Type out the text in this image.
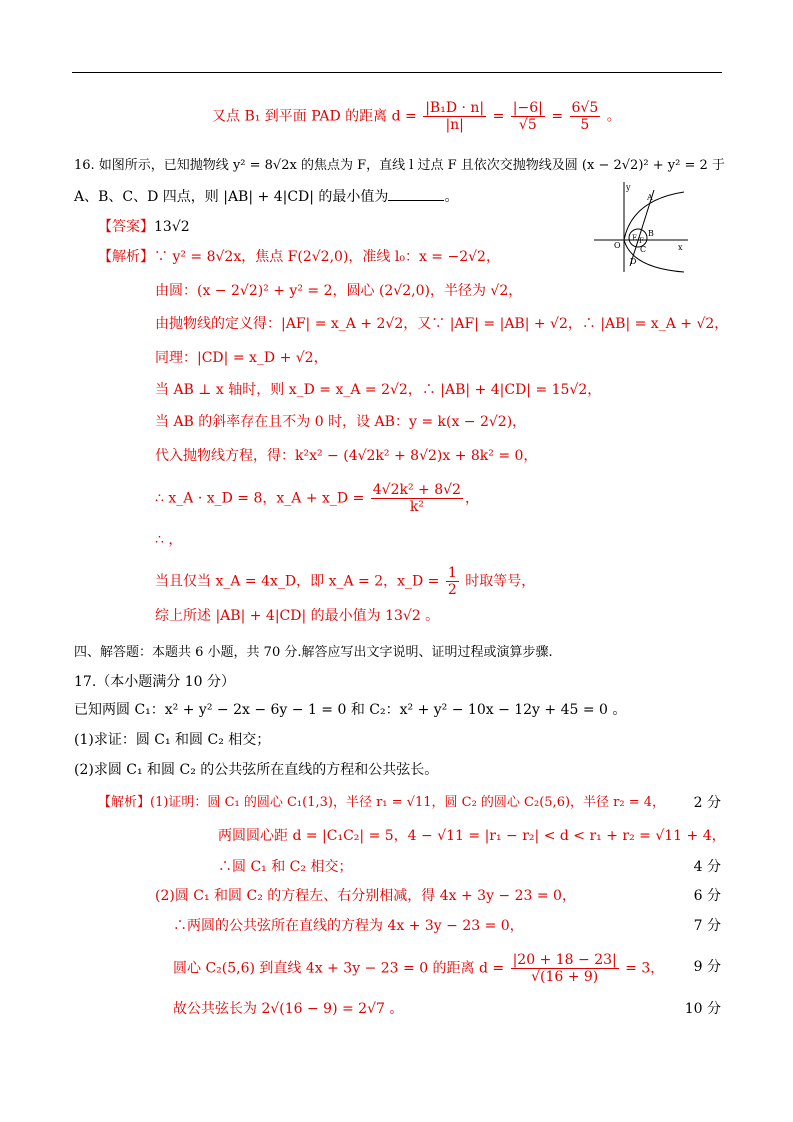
又点 B₁ 到平面 PAD 的距离 $d = \frac{\text{|B₁D · n|}}{|n|} = \frac{|-6|}{√5} = \frac{6√5}{5}$ 。
16. 如图所示，已知抛物线 y² = 8√2x 的焦点为 F，直线 l 过点 F 且依次交抛物线及圆 (x − 2√2)² + y² = 2 于
A、B、C、D 四点，则 |AB| + 4|CD| 的最小值为	。
【答案】13√2
【解析】∵ y² = 8√2x，焦点 F(2√2,0)，准线 l₀：x = −2√2，
由圆：(x − 2√2)² + y² = 2，圆心 (2√2,0)，半径为 √2，
由抛物线的定义得：|AF| = x_A + 2√2，又∵ |AF| = |AB| + √2，∴ |AB| = x_A + √2，
同理：|CD| = x_D + √2，
当 AB ⊥ x 轴时，则 x_D = x_A = 2√2，∴ |AB| + 4|CD| = 15√2，
当 AB 的斜率存在且不为 0 时，设 AB：y = k(x − 2√2)，
代入抛物线方程，得：k²x² − (4√2k² + 8√2)x + 8k² = 0，
∴ x_A · x_D = 8，x_A + x_D = $\frac{\text{4√2k² + 8√2}}{\text{k²}}$ ，
∴ ，
当且仅当 x_A = 4x_D，即 x_A = 2，x_D = $\frac{1}{2}$ 时取等号，
综上所述 |AB| + 4|CD| 的最小值为 13√2 。
y
A
B
O
E F
C
D
x
四、解答题：本题共 6 小题，共 70 分.解答应写出文字说明、证明过程或演算步骤.
17.（本小题满分 10 分）
已知两圆 C₁：x² + y² − 2x − 6y − 1 = 0 和 C₂：x² + y² − 10x − 12y + 45 = 0 。
(1)求证：圆 C₁ 和圆 C₂ 相交；
(2)求圆 C₁ 和圆 C₂ 的公共弦所在直线的方程和公共弦长。
【解析】(1)证明：圆 C₁ 的圆心 C₁(1,3)，半径 r₁ = √11，圆 C₂ 的圆心 C₂(5,6)，半径 r₂ = 4， 2 分
两圆圆心距 d = |C₁C₂| = 5，4 − √11 = |r₁ − r₂| < d < r₁ + r₂ = √11 + 4，
∴圆 C₁ 和 C₂ 相交；	4 分
(2)圆 C₁ 和圆 C₂ 的方程左、右分别相减，得 4x + 3y − 23 = 0，	6 分
∴两圆的公共弦所在直线的方程为 4x + 3y − 23 = 0，	7 分
圆心 C₂(5,6) 到直线 4x + 3y − 23 = 0 的距离 $d = \frac{|20 + 18 - 23|}{√(16 + 9)} = 3$， 9 分
故公共弦长为 2√(16 − 9) = 2√7 。	10 分
